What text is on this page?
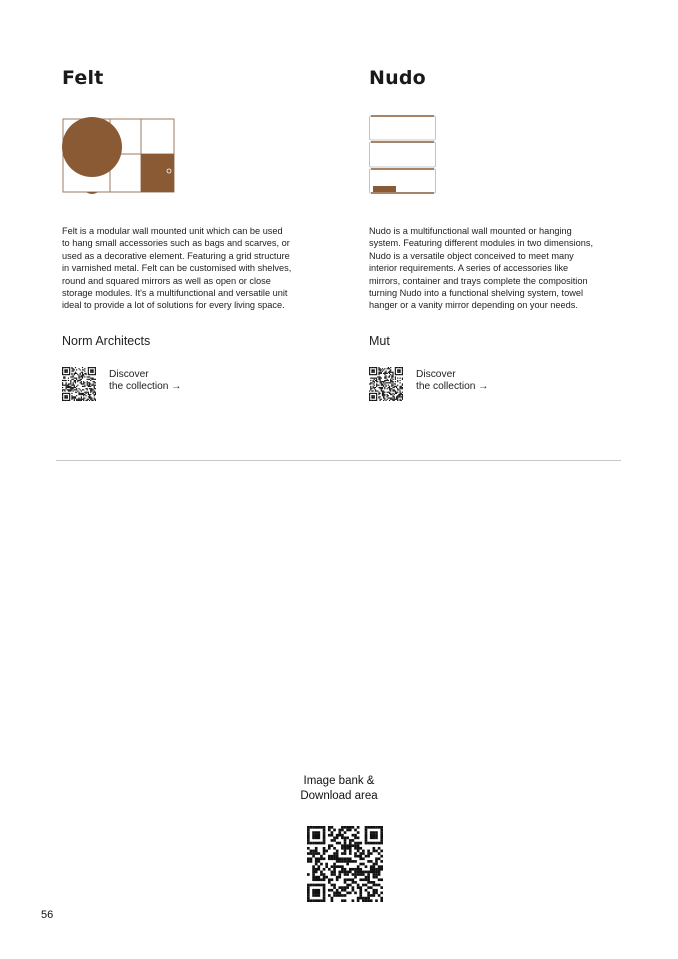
Felt
Felt is a modular wall mounted unit which can be used
to hang small accessories such as bags and scarves, or
used as a decorative element. Featuring a grid structure
in varnished metal. Felt can be customised with shelves,
round and squared mirrors as well as open or close
storage modules. It's a multifunctional and versatile unit
ideal to provide a lot of solutions for every living space.
Norm Architects
Discover
the collection →
Nudo
Nudo is a multifunctional wall mounted or hanging
system. Featuring different modules in two dimensions,
Nudo is a versatile object conceived to meet many
interior requirements. A series of accessories like
mirrors, container and trays complete the composition
turning Nudo into a functional shelving system, towel
hanger or a vanity mirror depending on your needs.
Mut
Discover
the collection →
Image bank &
Download area
56
